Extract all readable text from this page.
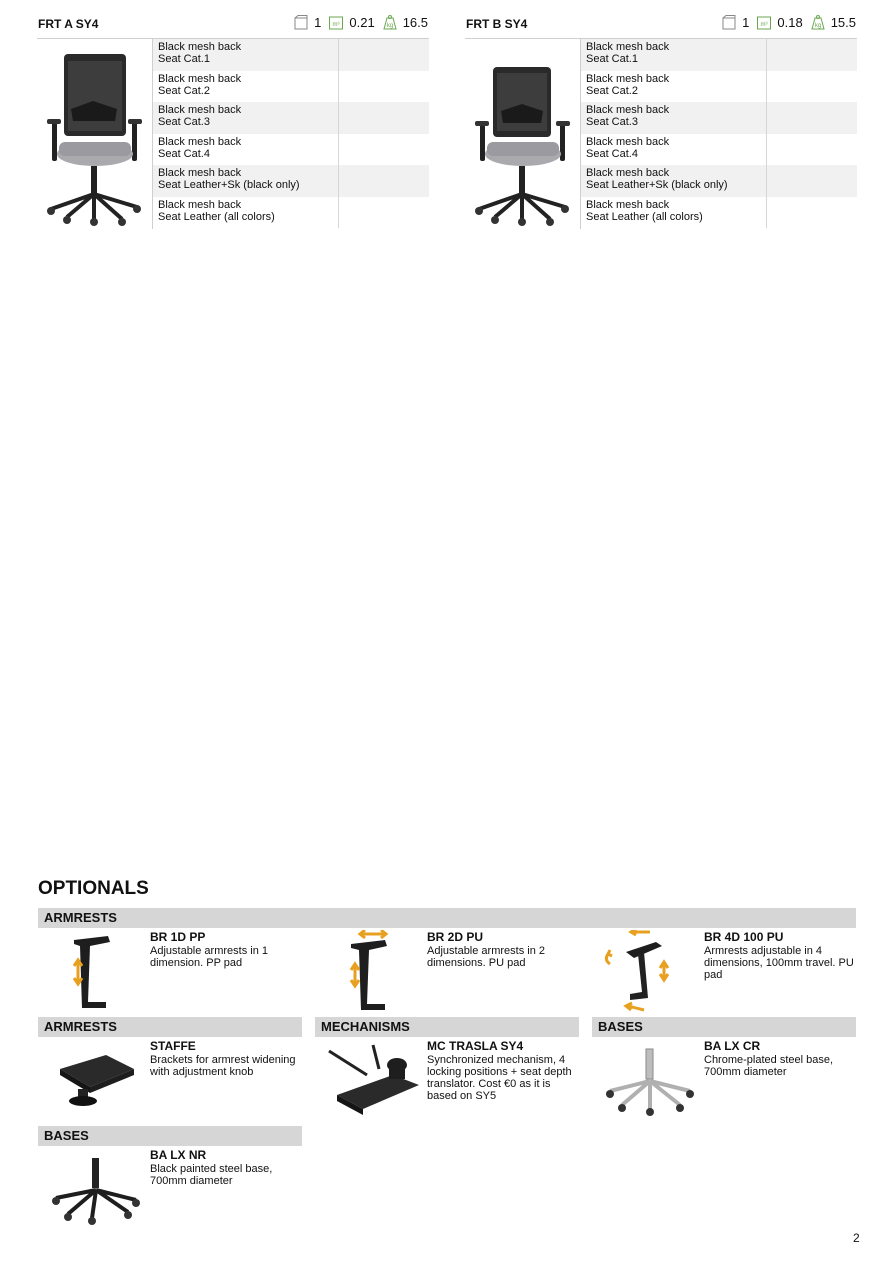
FRT A SY4	1 m³ 0.21 kg 16.5
Black mesh back
Seat Cat.1
Black mesh back
Seat Cat.2
Black mesh back
Seat Cat.3
Black mesh back
Seat Cat.4
Black mesh back
Seat Leather+Sk (black only)
Black mesh back
Seat Leather (all colors)
FRT B SY4	1 m³ 0.18 kg 15.5
Black mesh back
Seat Cat.1
Black mesh back
Seat Cat.2
Black mesh back
Seat Cat.3
Black mesh back
Seat Cat.4
Black mesh back
Seat Leather+Sk (black only)
Black mesh back
Seat Leather (all colors)
OPTIONALS
ARMRESTS
BR 1D PP
Adjustable armrests in 1 dimension. PP pad
BR 2D PU
Adjustable armrests in 2 dimensions. PU pad
BR 4D 100 PU
Armrests adjustable in 4 dimensions, 100mm travel. PU pad
ARMRESTS	MECHANISMS	BASES
STAFFE
Brackets for armrest widening with adjustment knob
MC TRASLA SY4
Synchronized mechanism, 4 locking positions + seat depth translator. Cost €0 as it is based on SY5
BA LX CR
Chrome-plated steel base, 700mm diameter
BASES
BA LX NR
Black painted steel base, 700mm diameter
2
